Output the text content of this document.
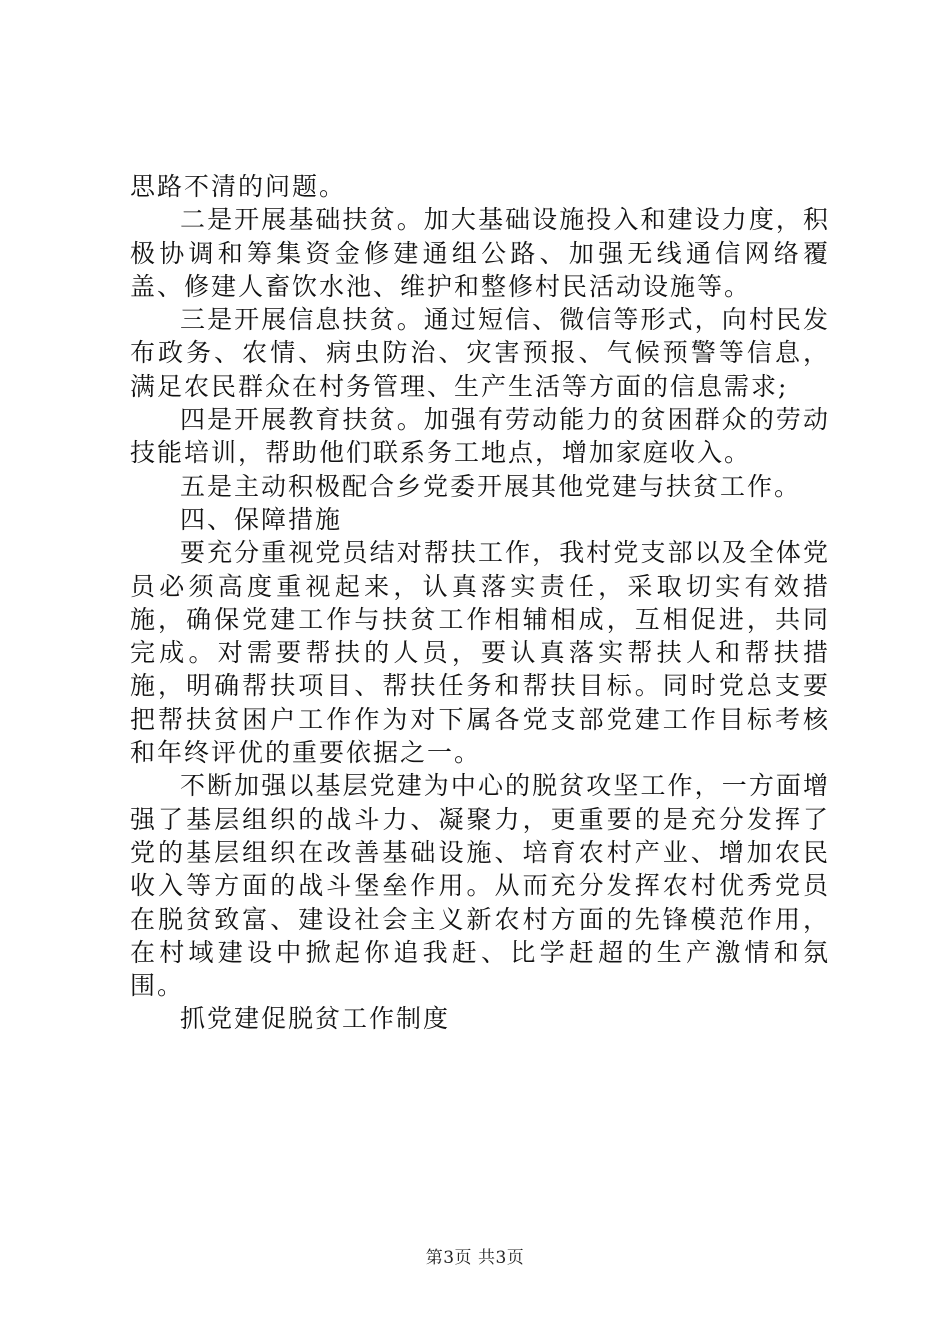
思路不清的问题。

二是开展基础扶贫。加大基础设施投入和建设力度，积极协调和筹集资金修建通组公路、加强无线通信网络覆盖、修建人畜饮水池、维护和整修村民活动设施等。

三是开展信息扶贫。通过短信、微信等形式，向村民发布政务、农情、病虫防治、灾害预报、气候预警等信息，满足农民群众在村务管理、生产生活等方面的信息需求;

四是开展教育扶贫。加强有劳动能力的贫困群众的劳动技能培训，帮助他们联系务工地点，增加家庭收入。

五是主动积极配合乡党委开展其他党建与扶贫工作。

四、保障措施

要充分重视党员结对帮扶工作，我村党支部以及全体党员必须高度重视起来，认真落实责任，采取切实有效措施，确保党建工作与扶贫工作相辅相成，互相促进，共同完成。对需要帮扶的人员，要认真落实帮扶人和帮扶措施，明确帮扶项目、帮扶任务和帮扶目标。同时党总支要把帮扶贫困户工作作为对下属各党支部党建工作目标考核和年终评优的重要依据之一。

不断加强以基层党建为中心的脱贫攻坚工作，一方面增强了基层组织的战斗力、凝聚力，更重要的是充分发挥了党的基层组织在改善基础设施、培育农村产业、增加农民收入等方面的战斗堡垒作用。从而充分发挥农村优秀党员在脱贫致富、建设社会主义新农村方面的先锋模范作用，在村域建设中掀起你追我赶、比学赶超的生产激情和氛围。

抓党建促脱贫工作制度

第3页 共3页
